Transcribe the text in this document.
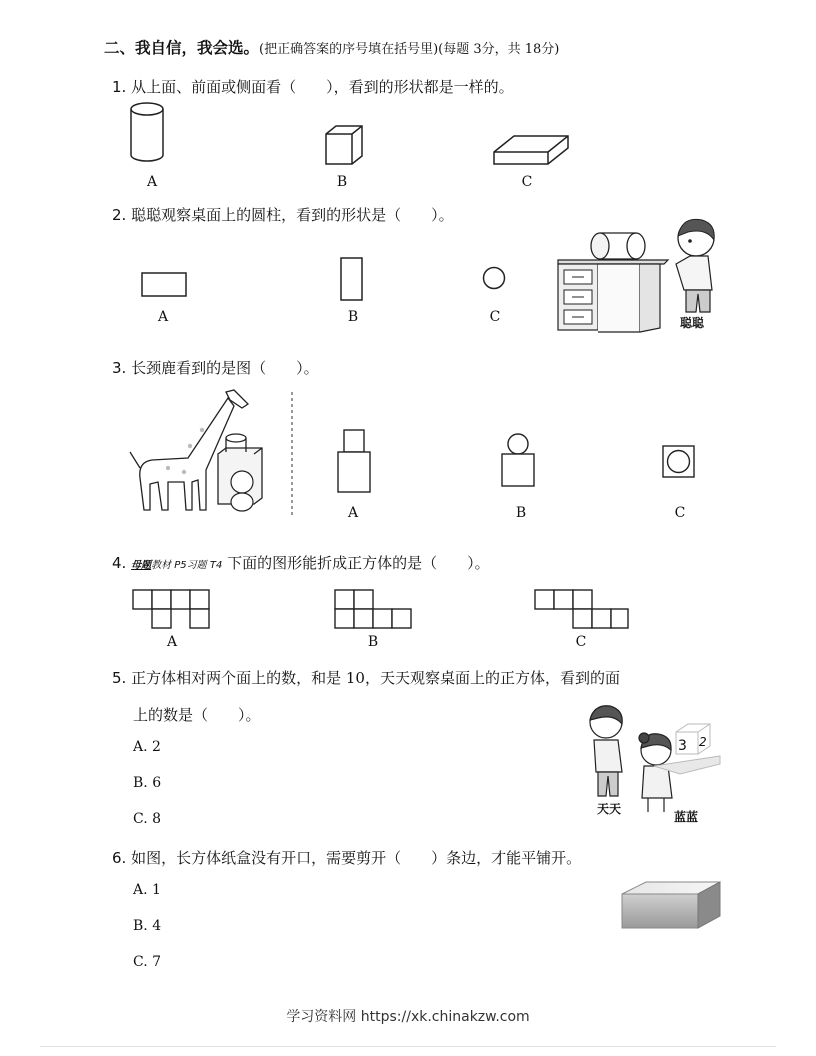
二、我自信，我会选。(把正确答案的序号填在括号里)(每题 3分，共 18分)
1. 从上面、前面或侧面看（　　），看到的形状都是一样的。
A	B	C
2. 聪聪观察桌面上的圆柱，看到的形状是（　　）。
A	B	C	聪聪
3. 长颈鹿看到的是图（　　）。
A	B	C
4. 母题教材 P5习题 T4 下面的图形能折成正方体的是（　　）。
A	B	C
5. 正方体相对两个面上的数，和是 10，天天观察桌面上的正方体，看到的面
上的数是（　　）。
A. 2
B. 6
C. 8
3 2
天天
蓝蓝
6. 如图，长方体纸盒没有开口，需要剪开（　　）条边，才能平铺开。
A. 1
B. 4
C. 7
学习资料网 https://xk.chinakzw.com
